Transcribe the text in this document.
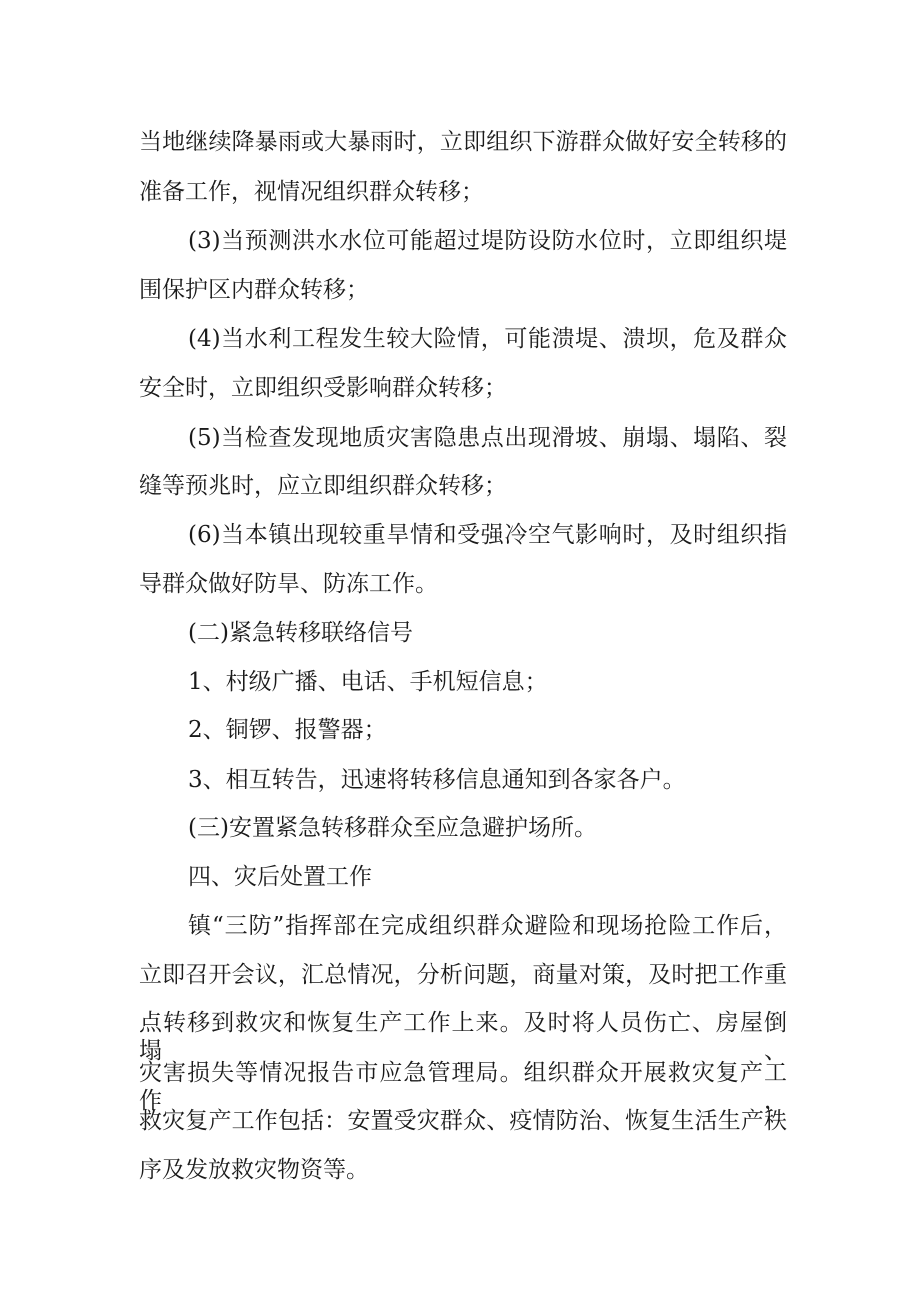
当地继续降暴雨或大暴雨时，立即组织下游群众做好安全转移的
准备工作，视情况组织群众转移；
(3)当预测洪水水位可能超过堤防设防水位时，立即组织堤
围保护区内群众转移；
(4)当水利工程发生较大险情，可能溃堤、溃坝，危及群众
安全时，立即组织受影响群众转移；
(5)当检查发现地质灾害隐患点出现滑坡、崩塌、塌陷、裂
缝等预兆时，应立即组织群众转移；
(6)当本镇出现较重旱情和受强冷空气影响时，及时组织指
导群众做好防旱、防冻工作。
(二)紧急转移联络信号
1、村级广播、电话、手机短信息；
2、铜锣、报警器；
3、相互转告，迅速将转移信息通知到各家各户。
(三)安置紧急转移群众至应急避护场所。
四、灾后处置工作
镇“三防”指挥部在完成组织群众避险和现场抢险工作后，
立即召开会议，汇总情况，分析问题，商量对策，及时把工作重
点转移到救灾和恢复生产工作上来。及时将人员伤亡、房屋倒塌、
灾害损失等情况报告市应急管理局。组织群众开展救灾复产工作，
救灾复产工作包括：安置受灾群众、疫情防治、恢复生活生产秩
序及发放救灾物资等。
